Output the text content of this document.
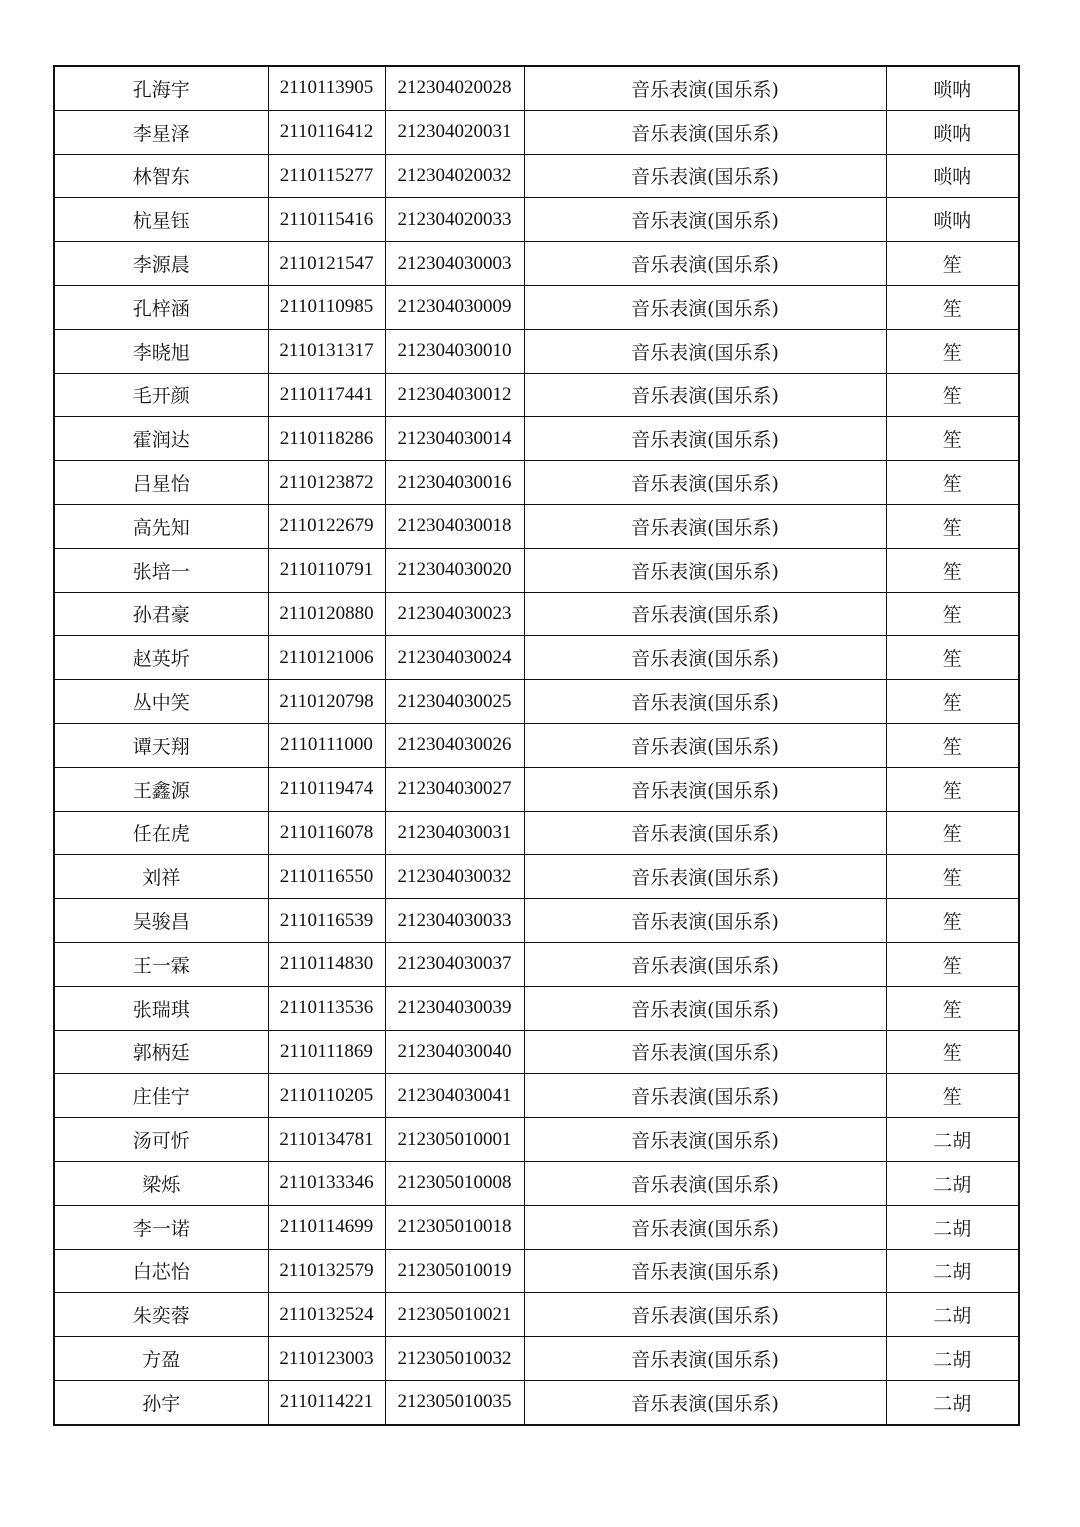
孔海宇	2110113905	212304020028	音乐表演(国乐系)	唢呐
李星泽	2110116412	212304020031	音乐表演(国乐系)	唢呐
林智东	2110115277	212304020032	音乐表演(国乐系)	唢呐
杭星钰	2110115416	212304020033	音乐表演(国乐系)	唢呐
李源晨	2110121547	212304030003	音乐表演(国乐系)	笙
孔梓涵	2110110985	212304030009	音乐表演(国乐系)	笙
李晓旭	2110131317	212304030010	音乐表演(国乐系)	笙
毛开颜	2110117441	212304030012	音乐表演(国乐系)	笙
霍润达	2110118286	212304030014	音乐表演(国乐系)	笙
吕星怡	2110123872	212304030016	音乐表演(国乐系)	笙
高先知	2110122679	212304030018	音乐表演(国乐系)	笙
张培一	2110110791	212304030020	音乐表演(国乐系)	笙
孙君豪	2110120880	212304030023	音乐表演(国乐系)	笙
赵英圻	2110121006	212304030024	音乐表演(国乐系)	笙
丛中笑	2110120798	212304030025	音乐表演(国乐系)	笙
谭天翔	2110111000	212304030026	音乐表演(国乐系)	笙
王鑫源	2110119474	212304030027	音乐表演(国乐系)	笙
任在虎	2110116078	212304030031	音乐表演(国乐系)	笙
刘祥	2110116550	212304030032	音乐表演(国乐系)	笙
吴骏昌	2110116539	212304030033	音乐表演(国乐系)	笙
王一霖	2110114830	212304030037	音乐表演(国乐系)	笙
张瑞琪	2110113536	212304030039	音乐表演(国乐系)	笙
郭柄廷	2110111869	212304030040	音乐表演(国乐系)	笙
庄佳宁	2110110205	212304030041	音乐表演(国乐系)	笙
汤可忻	2110134781	212305010001	音乐表演(国乐系)	二胡
梁烁	2110133346	212305010008	音乐表演(国乐系)	二胡
李一诺	2110114699	212305010018	音乐表演(国乐系)	二胡
白芯怡	2110132579	212305010019	音乐表演(国乐系)	二胡
朱奕蓉	2110132524	212305010021	音乐表演(国乐系)	二胡
方盈	2110123003	212305010032	音乐表演(国乐系)	二胡
孙宇	2110114221	212305010035	音乐表演(国乐系)	二胡
